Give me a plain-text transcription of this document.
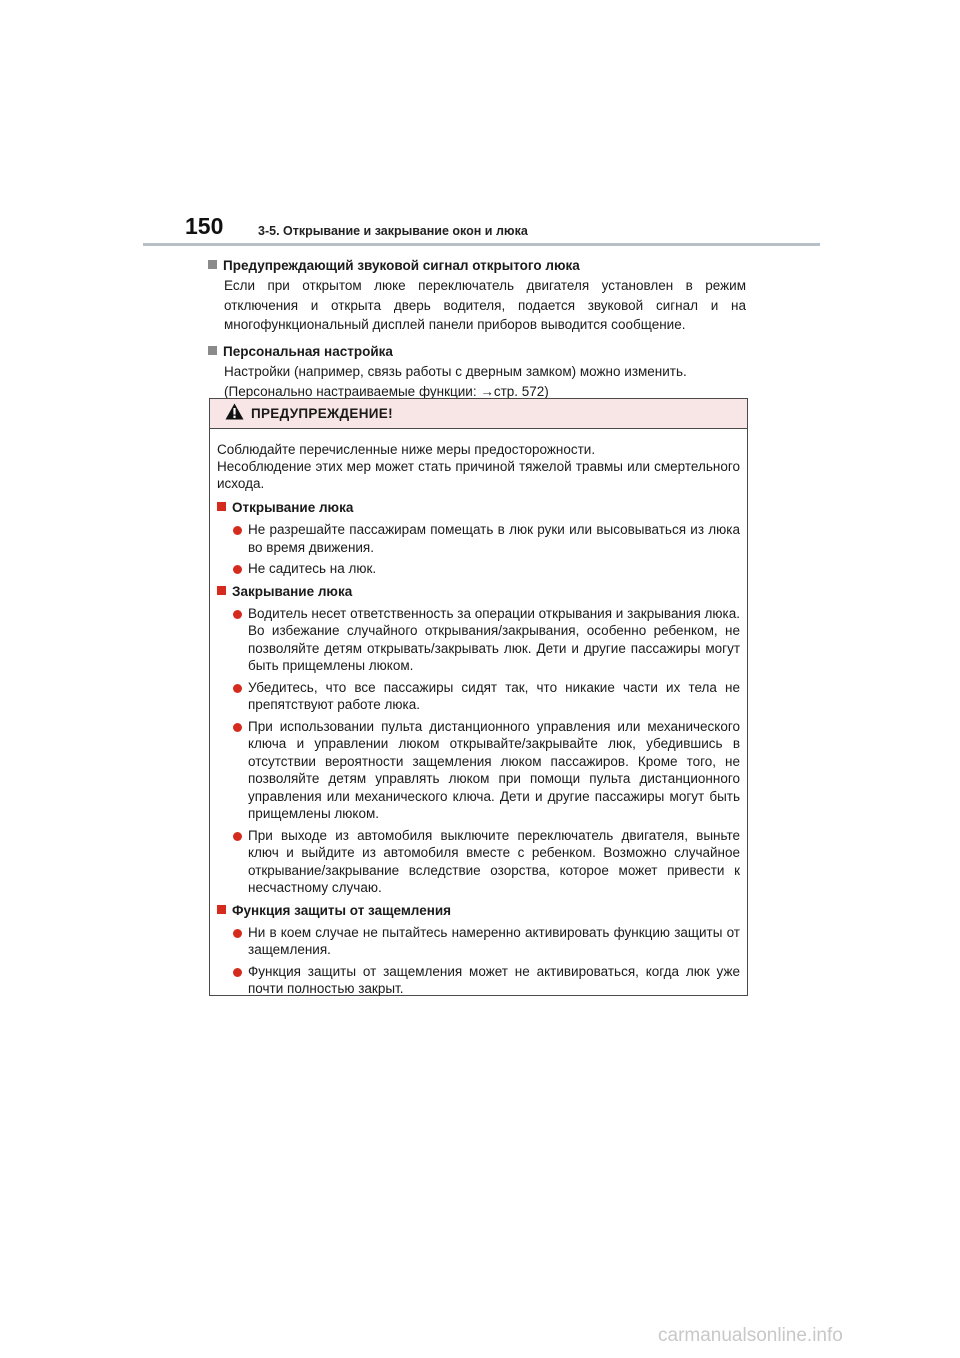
150	3-5. Открывание и закрывание окон и люка
Предупреждающий звуковой сигнал открытого люка

Если при открытом люке переключатель двигателя установлен в режим отключения и открыта дверь водителя, подается звуковой сигнал и на многофункциональный дисплей панели приборов выводится сообщение.

Персональная настройка

Настройки (например, связь работы с дверным замком) можно изменить.

(Персонально настраиваемые функции: →стр. 572)

ПРЕДУПРЕЖДЕНИЕ!

Соблюдайте перечисленные ниже меры предосторожности.

Несоблюдение этих мер может стать причиной тяжелой травмы или смертельного исхода.

Открывание люка
Не разрешайте пассажирам помещать в люк руки или высовываться из люка во время движения.
Не садитесь на люк.
Закрывание люка
Водитель несет ответственность за операции открывания и закрывания люка. Во избежание случайного открывания/закрывания, особенно ребенком, не позволяйте детям открывать/закрывать люк. Дети и другие пассажиры могут быть прищемлены люком.
Убедитесь, что все пассажиры сидят так, что никакие части их тела не препятствуют работе люка.
При использовании пульта дистанционного управления или механического ключа и управлении люком открывайте/закрывайте люк, убедившись в отсутствии вероятности защемления люком пассажиров. Кроме того, не позволяйте детям управлять люком при помощи пульта дистанционного управления или механического ключа. Дети и другие пассажиры могут быть прищемлены люком.
При выходе из автомобиля выключите переключатель двигателя, выньте ключ и выйдите из автомобиля вместе с ребенком. Возможно случайное открывание/закрывание вследствие озорства, которое может привести к несчастному случаю.
Функция защиты от защемления
Ни в коем случае не пытайтесь намеренно активировать функцию защиты от защемления.
Функция защиты от защемления может не активироваться, когда люк уже почти полностью закрыт.
carmanualsonline.info
